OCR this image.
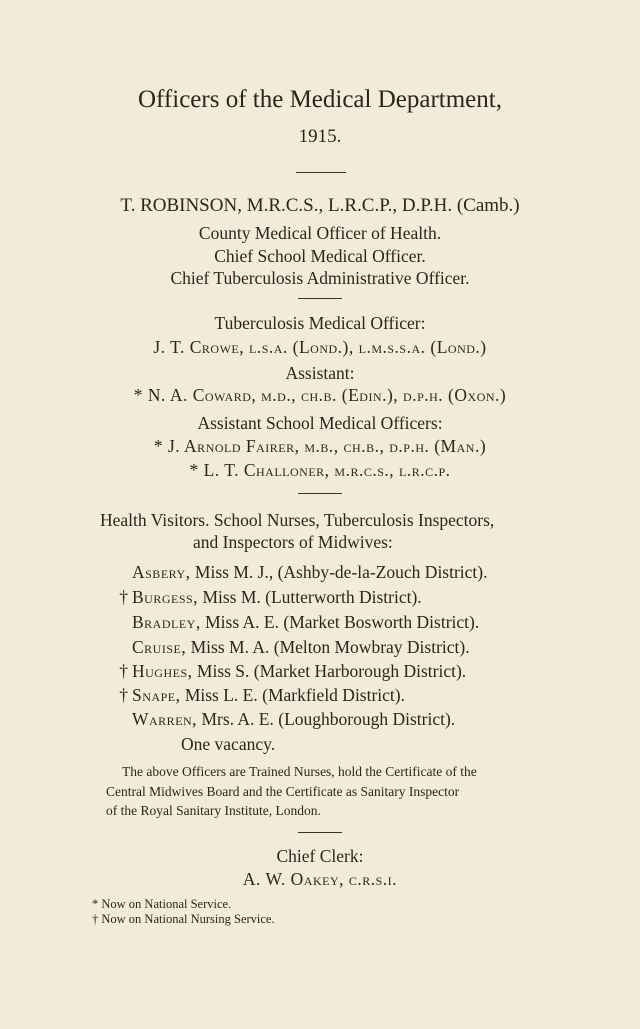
Officers of the Medical Department,
1915.
T. ROBINSON, M.R.C.S., L.R.C.P., D.P.H. (Camb.)
County Medical Officer of Health.
Chief School Medical Officer.
Chief Tuberculosis Administrative Officer.
Tuberculosis Medical Officer:
J. T. Crowe, l.s.a. (Lond.), l.m.s.s.a. (Lond.)
Assistant:
* N. A. Coward, m.d., ch.b. (Edin.), d.p.h. (Oxon.)
Assistant School Medical Officers:
* J. Arnold Fairer, m.b., ch.b., d.p.h. (Man.)
* L. T. Challoner, m.r.c.s., l.r.c.p.
Health Visitors. School Nurses, Tuberculosis Inspectors,
and Inspectors of Midwives:
Asbery, Miss M. J., (Ashby-de-la-Zouch District).
† Burgess, Miss M. (Lutterworth District).
Bradley, Miss A. E. (Market Bosworth District).
Cruise, Miss M. A. (Melton Mowbray District).
† Hughes, Miss S. (Market Harborough District).
† Snape, Miss L. E. (Markfield District).
Warren, Mrs. A. E. (Loughborough District).
One vacancy.
The above Officers are Trained Nurses, hold the Certificate of the
Central Midwives Board and the Certificate as Sanitary Inspector
of the Royal Sanitary Institute, London.
Chief Clerk:
A. W. Oakey, c.r.s.i.
* Now on National Service.
† Now on National Nursing Service.
